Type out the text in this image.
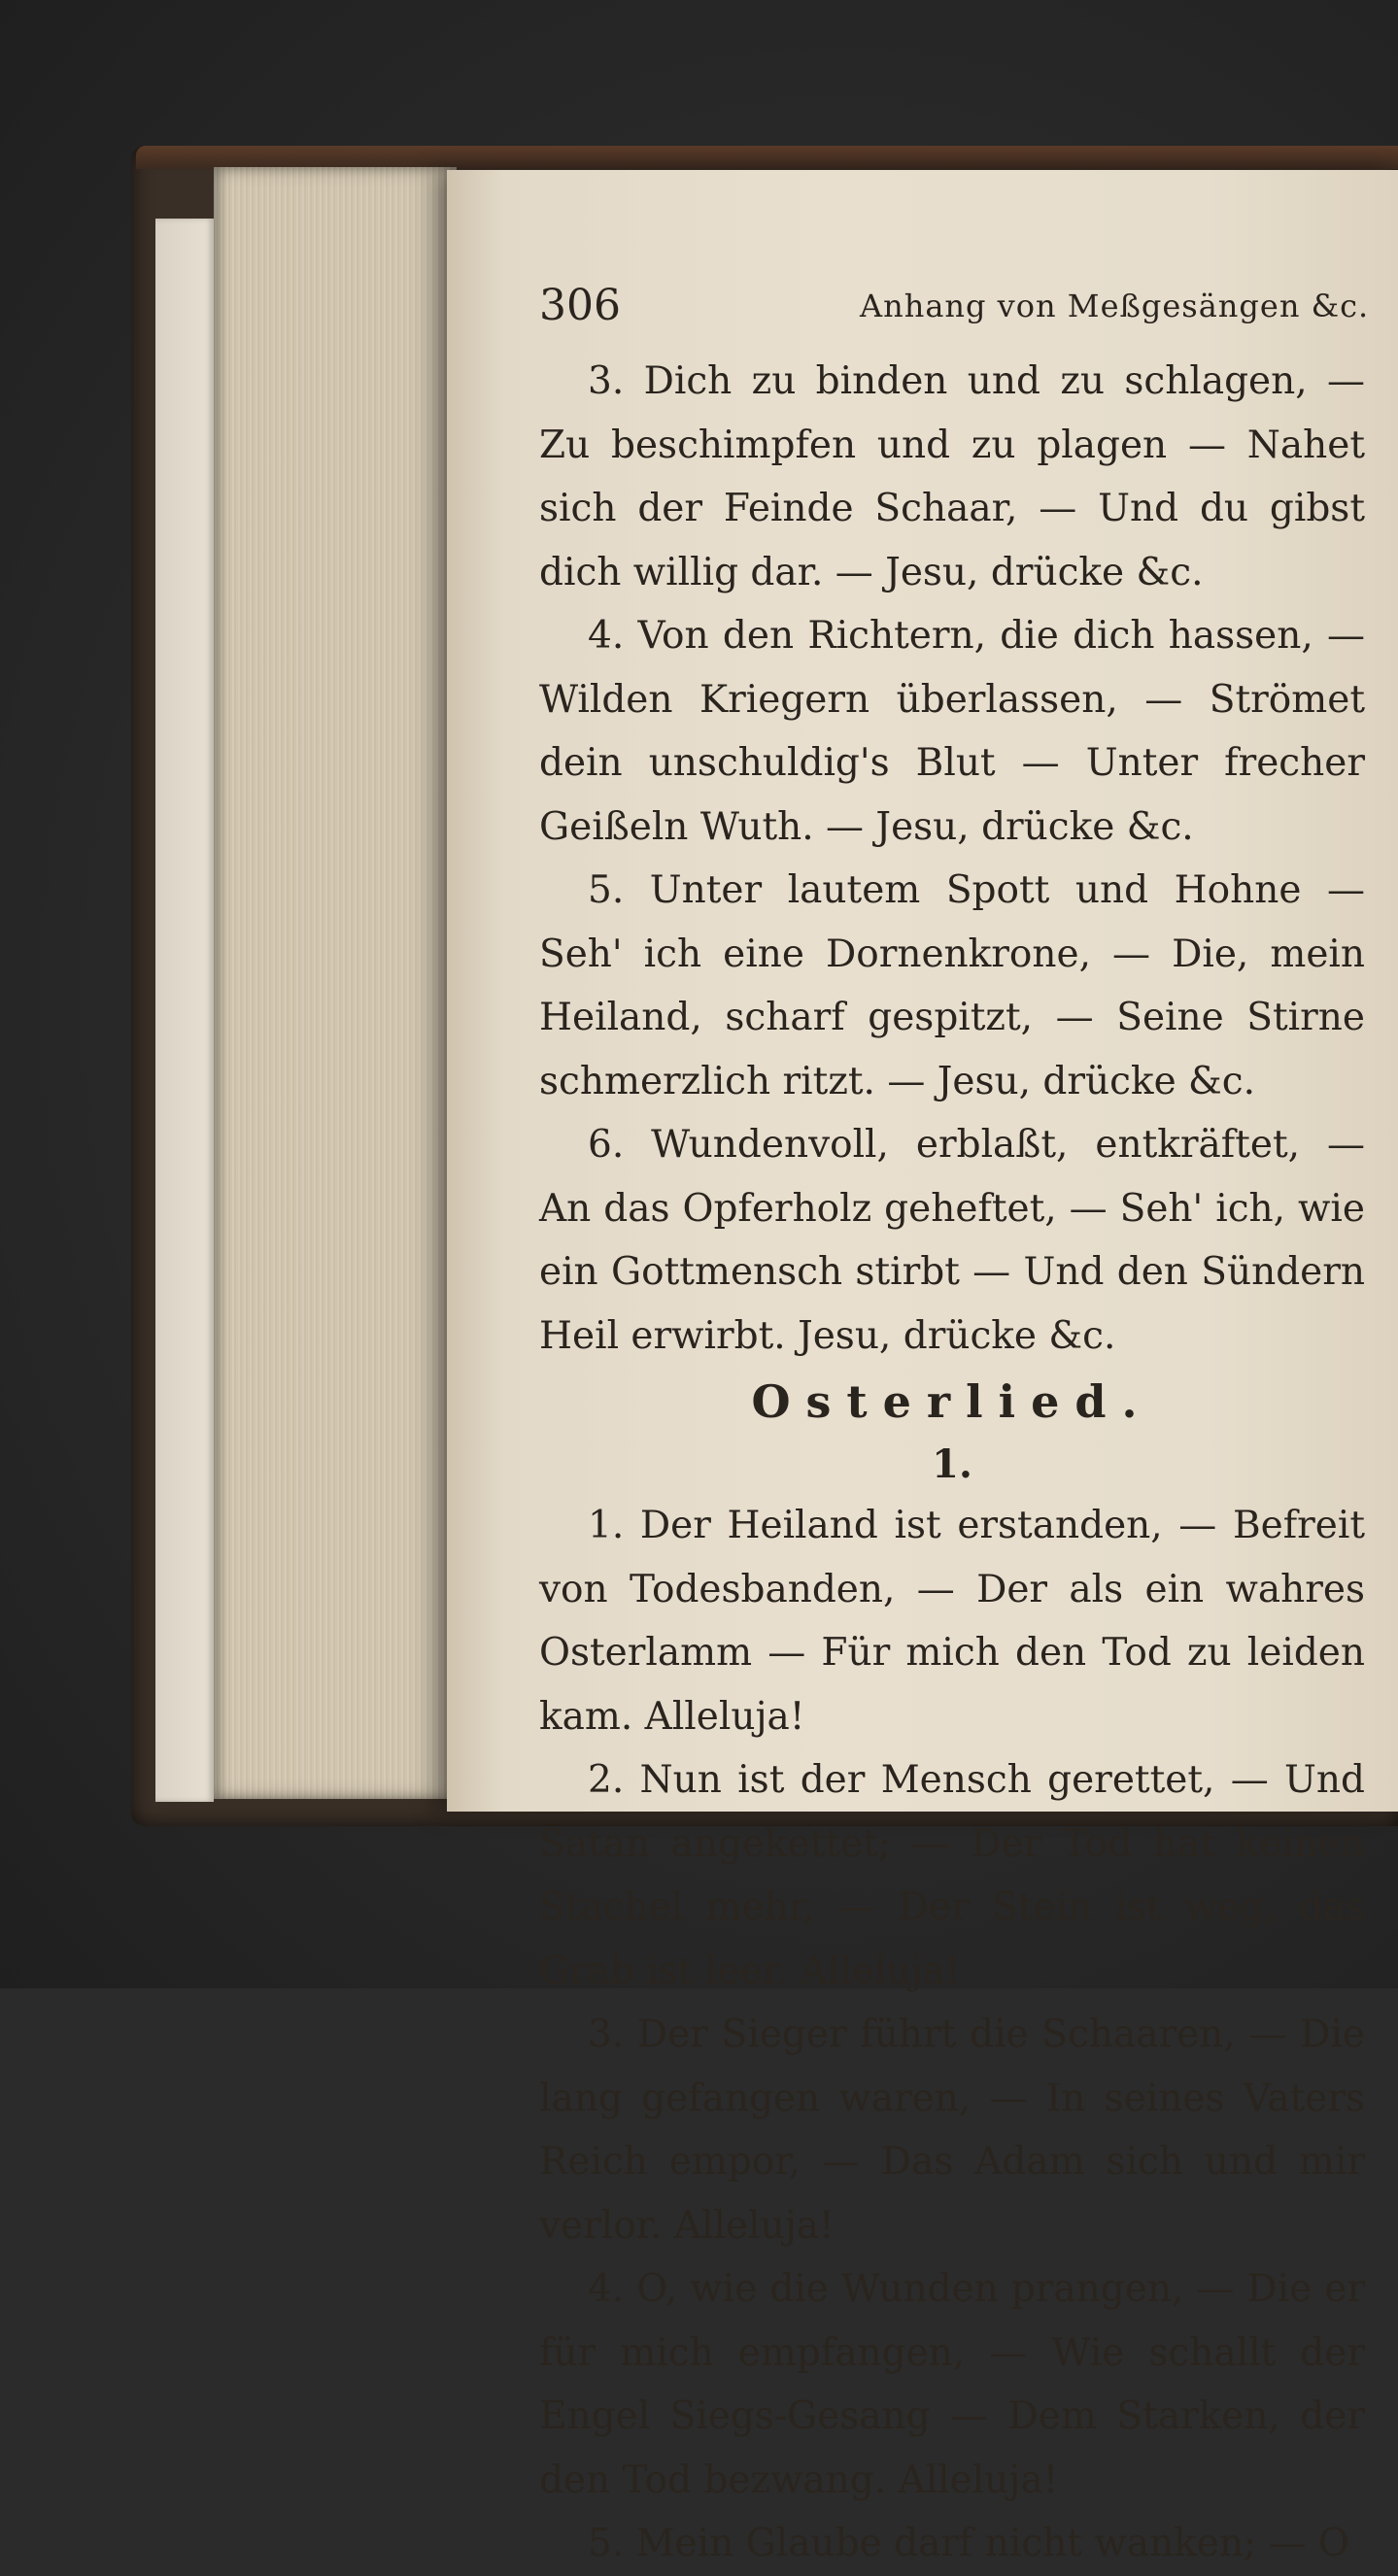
306	Anhang von Meßgesängen &c.

3. Dich zu binden und zu schlagen, — Zu beschimpfen und zu plagen — Nahet sich der Feinde Schaar, — Und du gibst dich willig dar. — Jesu, drücke &c.

4. Von den Richtern, die dich hassen, — Wilden Kriegern überlassen, — Strömet dein unschuldig's Blut — Unter frecher Geißeln Wuth. — Jesu, drücke &c.

5. Unter lautem Spott und Hohne — Seh' ich eine Dornenkrone, — Die, mein Heiland, scharf gespitzt, — Seine Stirne schmerzlich ritzt. — Jesu, drücke &c.

6. Wundenvoll, erblaßt, entkräftet, — An das Opferholz geheftet, — Seh' ich, wie ein Gottmensch stirbt — Und den Sündern Heil erwirbt. Jesu, drücke &c.

Osterlied.

1.

1. Der Heiland ist erstanden, — Befreit von Todesbanden, — Der als ein wahres Osterlamm — Für mich den Tod zu leiden kam. Alleluja!

2. Nun ist der Mensch gerettet, — Und Satan angekettet; — Der Tod hat keinen Stachel mehr, — Der Stein ist weg, das Grab ist leer. Alleluja!

3. Der Sieger führt die Schaaren, — Die lang gefangen waren, — In seines Vaters Reich empor, — Das Adam sich und mir verlor. Alleluja!

4. O, wie die Wunden prangen, — Die er für mich empfangen, — Wie schallt der Engel Siegs-Gesang — Dem Starken, der den Tod bezwang. Alleluja!

5. Mein Glaube darf nicht wanken; — O
